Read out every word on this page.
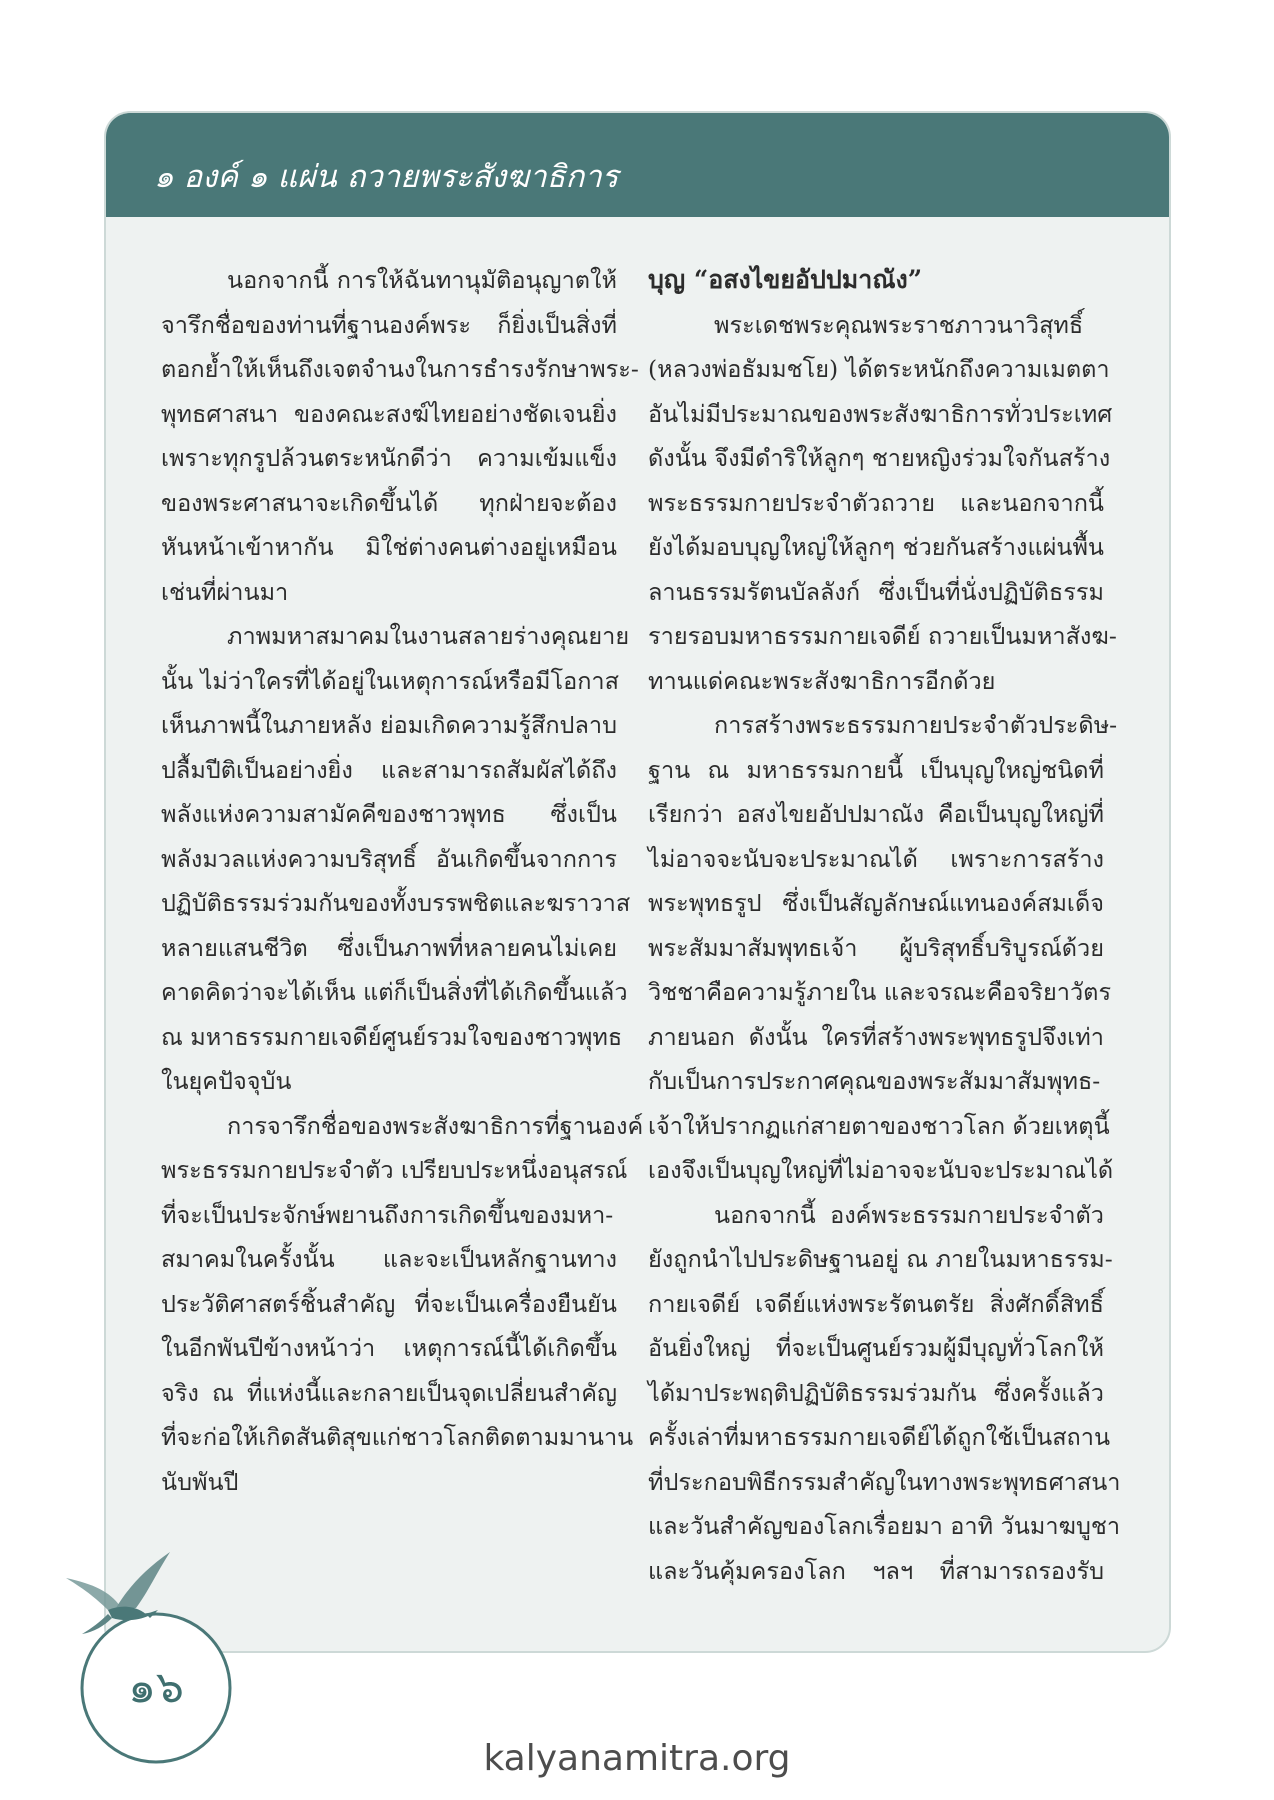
๑ องค์ ๑ แผ่น ถวายพระสังฆาธิการ
นอกจากนี้ การให้ฉันทานุมัติอนุญาตให้
จารึกชื่อของท่านที่ฐานองค์พระ ก็ยิ่งเป็นสิ่งที่
ตอกย้ำให้เห็นถึงเจตจำนงในการธำรงรักษาพระ-
พุทธศาสนา ของคณะสงฆ์ไทยอย่างชัดเจนยิ่ง
เพราะทุกรูปล้วนตระหนักดีว่า ความเข้มแข็ง
ของพระศาสนาจะเกิดขึ้นได้ ทุกฝ่ายจะต้อง
หันหน้าเข้าหากัน มิใช่ต่างคนต่างอยู่เหมือน
เช่นที่ผ่านมา
ภาพมหาสมาคมในงานสลายร่างคุณยาย
นั้น ไม่ว่าใครที่ได้อยู่ในเหตุการณ์หรือมีโอกาส
เห็นภาพนี้ในภายหลัง ย่อมเกิดความรู้สึกปลาบ
ปลื้มปีติเป็นอย่างยิ่ง และสามารถสัมผัสได้ถึง
พลังแห่งความสามัคคีของชาวพุทธ ซึ่งเป็น
พลังมวลแห่งความบริสุทธิ์ อันเกิดขึ้นจากการ
ปฏิบัติธรรมร่วมกันของทั้งบรรพชิตและฆราวาส
หลายแสนชีวิต ซึ่งเป็นภาพที่หลายคนไม่เคย
คาดคิดว่าจะได้เห็น แต่ก็เป็นสิ่งที่ได้เกิดขึ้นแล้ว
ณ มหาธรรมกายเจดีย์ศูนย์รวมใจของชาวพุทธ
ในยุคปัจจุบัน
การจารึกชื่อของพระสังฆาธิการที่ฐานองค์
พระธรรมกายประจำตัว เปรียบประหนึ่งอนุสรณ์
ที่จะเป็นประจักษ์พยานถึงการเกิดขึ้นของมหา-
สมาคมในครั้งนั้น และจะเป็นหลักฐานทาง
ประวัติศาสตร์ชิ้นสำคัญ ที่จะเป็นเครื่องยืนยัน
ในอีกพันปีข้างหน้าว่า เหตุการณ์นี้ได้เกิดขึ้น
จริง ณ ที่แห่งนี้และกลายเป็นจุดเปลี่ยนสำคัญ
ที่จะก่อให้เกิดสันติสุขแก่ชาวโลกติดตามมานาน
นับพันปี
บุญ “อสงไขยอัปปมาณัง”
พระเดชพระคุณพระราชภาวนาวิสุทธิ์
(หลวงพ่อธัมมชโย) ได้ตระหนักถึงความเมตตา
อันไม่มีประมาณของพระสังฆาธิการทั่วประเทศ
ดังนั้น จึงมีดำริให้ลูกๆ ชายหญิงร่วมใจกันสร้าง
พระธรรมกายประจำตัวถวาย และนอกจากนี้
ยังได้มอบบุญใหญ่ให้ลูกๆ ช่วยกันสร้างแผ่นพื้น
ลานธรรมรัตนบัลลังก์ ซึ่งเป็นที่นั่งปฏิบัติธรรม
รายรอบมหาธรรมกายเจดีย์ ถวายเป็นมหาสังฆ-
ทานแด่คณะพระสังฆาธิการอีกด้วย
การสร้างพระธรรมกายประจำตัวประดิษ-
ฐาน ณ มหาธรรมกายนี้ เป็นบุญใหญ่ชนิดที่
เรียกว่า อสงไขยอัปปมาณัง คือเป็นบุญใหญ่ที่
ไม่อาจจะนับจะประมาณได้ เพราะการสร้าง
พระพุทธรูป ซึ่งเป็นสัญลักษณ์แทนองค์สมเด็จ
พระสัมมาสัมพุทธเจ้า ผู้บริสุทธิ์บริบูรณ์ด้วย
วิชชาคือความรู้ภายใน และจรณะคือจริยาวัตร
ภายนอก ดังนั้น ใครที่สร้างพระพุทธรูปจึงเท่า
กับเป็นการประกาศคุณของพระสัมมาสัมพุทธ-
เจ้าให้ปรากฏแก่สายตาของชาวโลก ด้วยเหตุนี้
เองจึงเป็นบุญใหญ่ที่ไม่อาจจะนับจะประมาณได้
นอกจากนี้ องค์พระธรรมกายประจำตัว
ยังถูกนำไปประดิษฐานอยู่ ณ ภายในมหาธรรม-
กายเจดีย์ เจดีย์แห่งพระรัตนตรัย สิ่งศักดิ์สิทธิ์
อันยิ่งใหญ่ ที่จะเป็นศูนย์รวมผู้มีบุญทั่วโลกให้
ได้มาประพฤติปฏิบัติธรรมร่วมกัน ซึ่งครั้งแล้ว
ครั้งเล่าที่มหาธรรมกายเจดีย์ได้ถูกใช้เป็นสถาน
ที่ประกอบพิธีกรรมสำคัญในทางพระพุทธศาสนา
และวันสำคัญของโลกเรื่อยมา อาทิ วันมาฆบูชา
และวันคุ้มครองโลก ฯลฯ ที่สามารถรองรับ
๑๖
kalyanamitra.org
